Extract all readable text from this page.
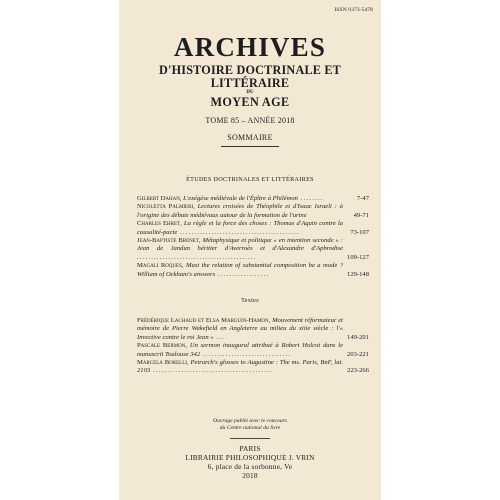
ISSN 0373-5478
ARCHIVES
D'HISTOIRE DOCTRINALE ET LITTÉRAIRE
DU
MOYEN AGE
TOME 85 – ANNÉE 2018
SOMMAIRE
ÉTUDES DOCTRINALES ET LITTÉRAIRES
Gilbert Dahan, L'exégèse médiévale de l'Épître à Philémon ........	7-47
Nicoletta Palmieri, Lectures croisées de Théophile et d'Isaac Israeli : à l'origine des débats médiévaux autour de la formation de l'urine	49-71
Charles Ehret, La règle et la force des choses : Thomas d'Aquin contre la causalité-pacte ..........................................	73-107
Jean-Baptiste Brenet, Métaphysique et politique « en intention seconde » : Jean de Jandun héritier d'Averroès et d'Alexandre d'Aphrodise ..........................................	109-127
Magali Roques, Must the relation of substantial composition be a mode ? William of Ockham's answers ..................	129-148
Textes
Frédérique Lachaud et Elsa Marguin-Hamon, Mouvement réformateur et mémoire de Pierre Wakefield en Angleterre au milieu du xiiie siècle : l'« Invective contre le roi Jean » ...	149-201
Pascale Bermon, Un sermon inaugural attribué à Robert Holcot dans le manuscrit Toulouse 342 ...............................	203-221
Marcela Borelli, Petrarch's glosses to Augustine : The ms. Paris, BnF, lat. 2103 ..........................................	223-266
Ouvrage publié avec le concours
du Centre national du livre
PARIS
LIBRAIRIE PHILOSOPHIQUE J. VRIN
6, place de la sorbonne, Ve
2018
